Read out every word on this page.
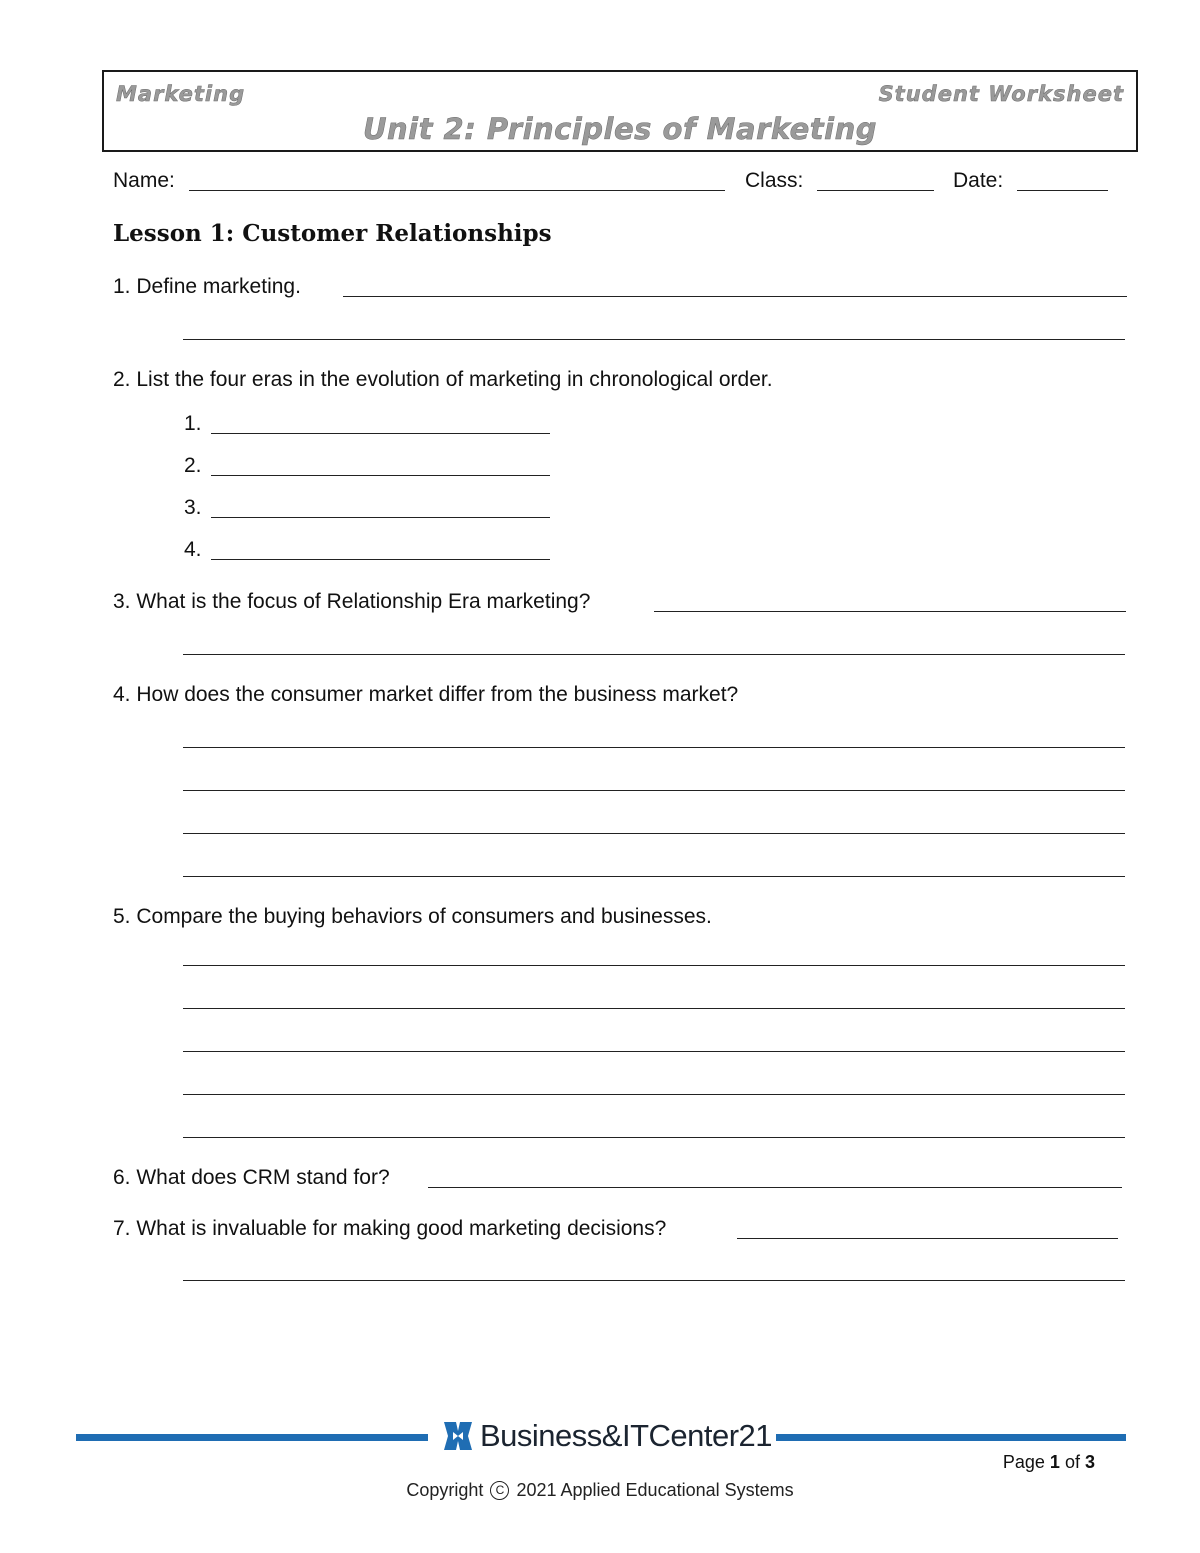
Marketing	Student Worksheet
Unit 2: Principles of Marketing
Name:	Class:	Date:
Lesson 1: Customer Relationships
1. Define marketing.
2. List the four eras in the evolution of marketing in chronological order.
1.
2.
3.
4.
3. What is the focus of Relationship Era marketing?
4. How does the consumer market differ from the business market?
5. Compare the buying behaviors of consumers and businesses.
6. What does CRM stand for?
7. What is invaluable for making good marketing decisions?
Business&ITCenter21
Page 1 of 3
Copyright C 2021 Applied Educational Systems
